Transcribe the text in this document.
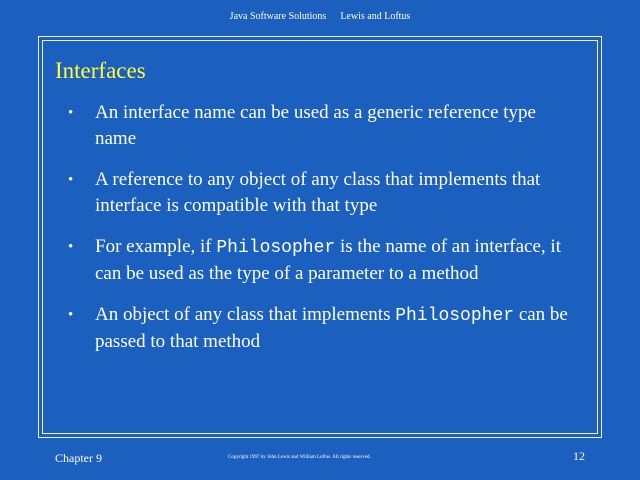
Java Software Solutions Lewis and Loftus
Interfaces
• An interface name can be used as a generic reference type name
• A reference to any object of any class that implements that interface is compatible with that type
• For example, if Philosopher is the name of an interface, it can be used as the type of a parameter to a method
• An object of any class that implements Philosopher can be passed to that method
Chapter 9	Copyright 1997 by John Lewis and William Loftus. All rights reserved.	12
